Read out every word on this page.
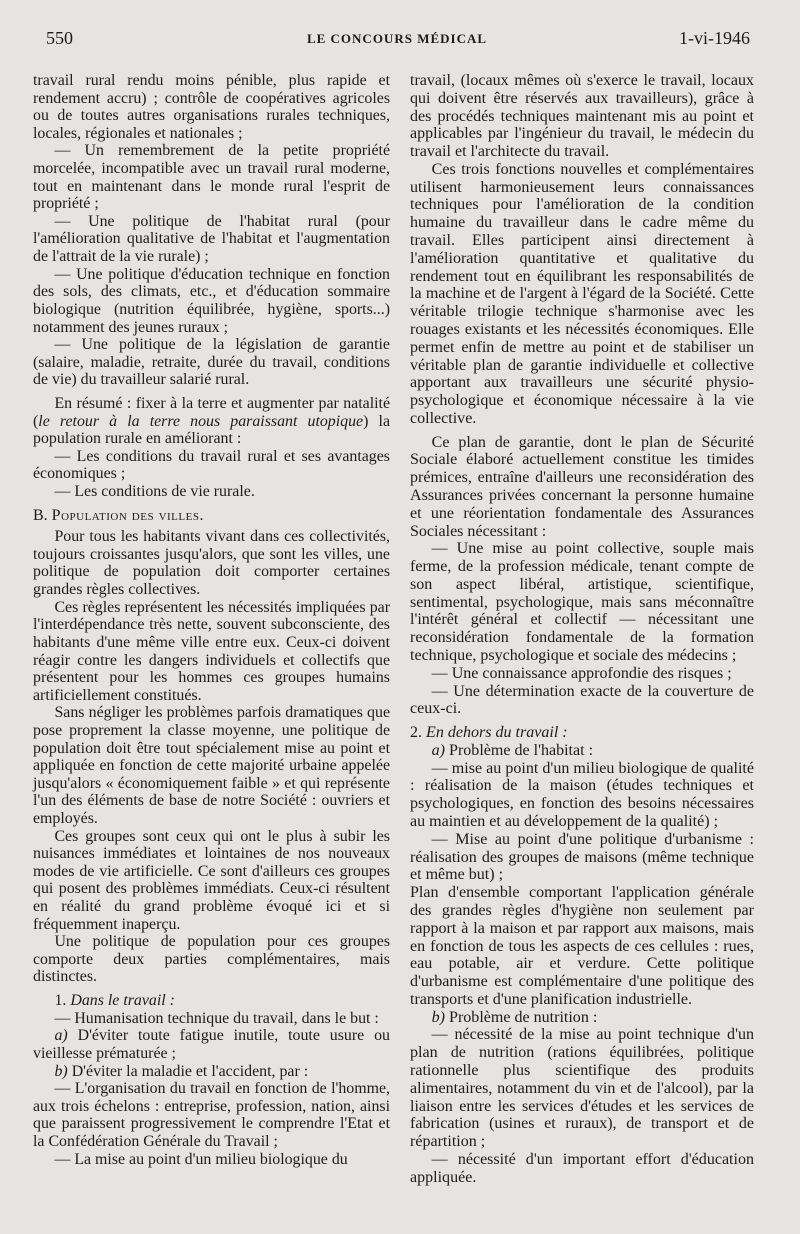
550	LE CONCOURS MÉDICAL	1-vi-1946

travail rural rendu moins pénible, plus rapide et rendement accru) ; contrôle de coopératives agricoles ou de toutes autres organisations rurales techniques, locales, régionales et nationales ;

— Un remembrement de la petite propriété morcelée, incompatible avec un travail rural moderne, tout en maintenant dans le monde rural l'esprit de propriété ;

— Une politique de l'habitat rural (pour l'amélioration qualitative de l'habitat et l'augmentation de l'attrait de la vie rurale) ;

— Une politique d'éducation technique en fonction des sols, des climats, etc., et d'éducation sommaire biologique (nutrition équilibrée, hygiène, sports...) notamment des jeunes ruraux ;

— Une politique de la législation de garantie (salaire, maladie, retraite, durée du travail, conditions de vie) du travailleur salarié rural.

En résumé : fixer à la terre et augmenter par natalité (le retour à la terre nous paraissant utopique) la population rurale en améliorant :

— Les conditions du travail rural et ses avantages économiques ;

— Les conditions de vie rurale.

B. Population des villes.

Pour tous les habitants vivant dans ces collectivités, toujours croissantes jusqu'alors, que sont les villes, une politique de population doit comporter certaines grandes règles collectives.

Ces règles représentent les nécessités impliquées par l'interdépendance très nette, souvent subconsciente, des habitants d'une même ville entre eux. Ceux-ci doivent réagir contre les dangers individuels et collectifs que présentent pour les hommes ces groupes humains artificiellement constitués.

Sans négliger les problèmes parfois dramatiques que pose proprement la classe moyenne, une politique de population doit être tout spécialement mise au point et appliquée en fonction de cette majorité urbaine appelée jusqu'alors « économiquement faible » et qui représente l'un des éléments de base de notre Société : ouvriers et employés.

Ces groupes sont ceux qui ont le plus à subir les nuisances immédiates et lointaines de nos nouveaux modes de vie artificielle. Ce sont d'ailleurs ces groupes qui posent des problèmes immédiats. Ceux-ci résultent en réalité du grand problème évoqué ici et si fréquemment inaperçu.

Une politique de population pour ces groupes comporte deux parties complémentaires, mais distinctes.

1. Dans le travail :

— Humanisation technique du travail, dans le but :

a) D'éviter toute fatigue inutile, toute usure ou vieillesse prématurée ;

b) D'éviter la maladie et l'accident, par :

— L'organisation du travail en fonction de l'homme, aux trois échelons : entreprise, profession, nation, ainsi que paraissent progressivement le comprendre l'Etat et la Confédération Générale du Travail ;

— La mise au point d'un milieu biologique du

travail, (locaux mêmes où s'exerce le travail, locaux qui doivent être réservés aux travailleurs), grâce à des procédés techniques maintenant mis au point et applicables par l'ingénieur du travail, le médecin du travail et l'architecte du travail.

Ces trois fonctions nouvelles et complémentaires utilisent harmonieusement leurs connaissances techniques pour l'amélioration de la condition humaine du travailleur dans le cadre même du travail. Elles participent ainsi directement à l'amélioration quantitative et qualitative du rendement tout en équilibrant les responsabilités de la machine et de l'argent à l'égard de la Société. Cette véritable trilogie technique s'harmonise avec les rouages existants et les nécessités économiques. Elle permet enfin de mettre au point et de stabiliser un véritable plan de garantie individuelle et collective apportant aux travailleurs une sécurité physio-psychologique et économique nécessaire à la vie collective.

Ce plan de garantie, dont le plan de Sécurité Sociale élaboré actuellement constitue les timides prémices, entraîne d'ailleurs une reconsidération des Assurances privées concernant la personne humaine et une réorientation fondamentale des Assurances Sociales nécessitant :

— Une mise au point collective, souple mais ferme, de la profession médicale, tenant compte de son aspect libéral, artistique, scientifique, sentimental, psychologique, mais sans méconnaître l'intérêt général et collectif — nécessitant une reconsidération fondamentale de la formation technique, psychologique et sociale des médecins ;

— Une connaissance approfondie des risques ;

— Une détermination exacte de la couverture de ceux-ci.

2. En dehors du travail :

a) Problème de l'habitat :

— mise au point d'un milieu biologique de qualité : réalisation de la maison (études techniques et psychologiques, en fonction des besoins nécessaires au maintien et au développement de la qualité) ;

— Mise au point d'une politique d'urbanisme : réalisation des groupes de maisons (même technique et même but) ;

Plan d'ensemble comportant l'application générale des grandes règles d'hygiène non seulement par rapport à la maison et par rapport aux maisons, mais en fonction de tous les aspects de ces cellules : rues, eau potable, air et verdure. Cette politique d'urbanisme est complémentaire d'une politique des transports et d'une planification industrielle.

b) Problème de nutrition :

— nécessité de la mise au point technique d'un plan de nutrition (rations équilibrées, politique rationnelle plus scientifique des produits alimentaires, notamment du vin et de l'alcool), par la liaison entre les services d'études et les services de fabrication (usines et ruraux), de transport et de répartition ;

— nécessité d'un important effort d'éducation appliquée.
